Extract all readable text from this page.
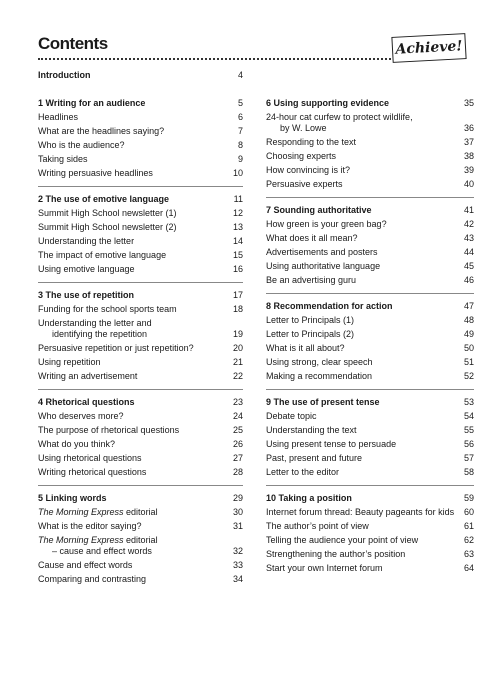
Contents	Achieve!
Introduction	4
1 Writing for an audience	5
Headlines	6
What are the headlines saying?	7
Who is the audience?	8
Taking sides	9
Writing persuasive headlines	10
2 The use of emotive language	11
Summit High School newsletter (1)	12
Summit High School newsletter (2)	13
Understanding the letter	14
The impact of emotive language	15
Using emotive language	16
3 The use of repetition	17
Funding for the school sports team	18
Understanding the letter and
identifying the repetition	19
Persuasive repetition or just repetition?	20
Using repetition	21
Writing an advertisement	22
4 Rhetorical questions	23
Who deserves more?	24
The purpose of rhetorical questions	25
What do you think?	26
Using rhetorical questions	27
Writing rhetorical questions	28
5 Linking words	29
The Morning Express editorial	30
What is the editor saying?	31
The Morning Express editorial
– cause and effect words	32
Cause and effect words	33
Comparing and contrasting	34
6 Using supporting evidence	35
24-hour cat curfew to protect wildlife,
by W. Lowe	36
Responding to the text	37
Choosing experts	38
How convincing is it?	39
Persuasive experts	40
7 Sounding authoritative	41
How green is your green bag?	42
What does it all mean?	43
Advertisements and posters	44
Using authoritative language	45
Be an advertising guru	46
8 Recommendation for action	47
Letter to Principals (1)	48
Letter to Principals (2)	49
What is it all about?	50
Using strong, clear speech	51
Making a recommendation	52
9 The use of present tense	53
Debate topic	54
Understanding the text	55
Using present tense to persuade	56
Past, present and future	57
Letter to the editor	58
10 Taking a position	59
Internet forum thread: Beauty pageants for kids	60
The author’s point of view	61
Telling the audience your point of view	62
Strengthening the author’s position	63
Start your own Internet forum	64
